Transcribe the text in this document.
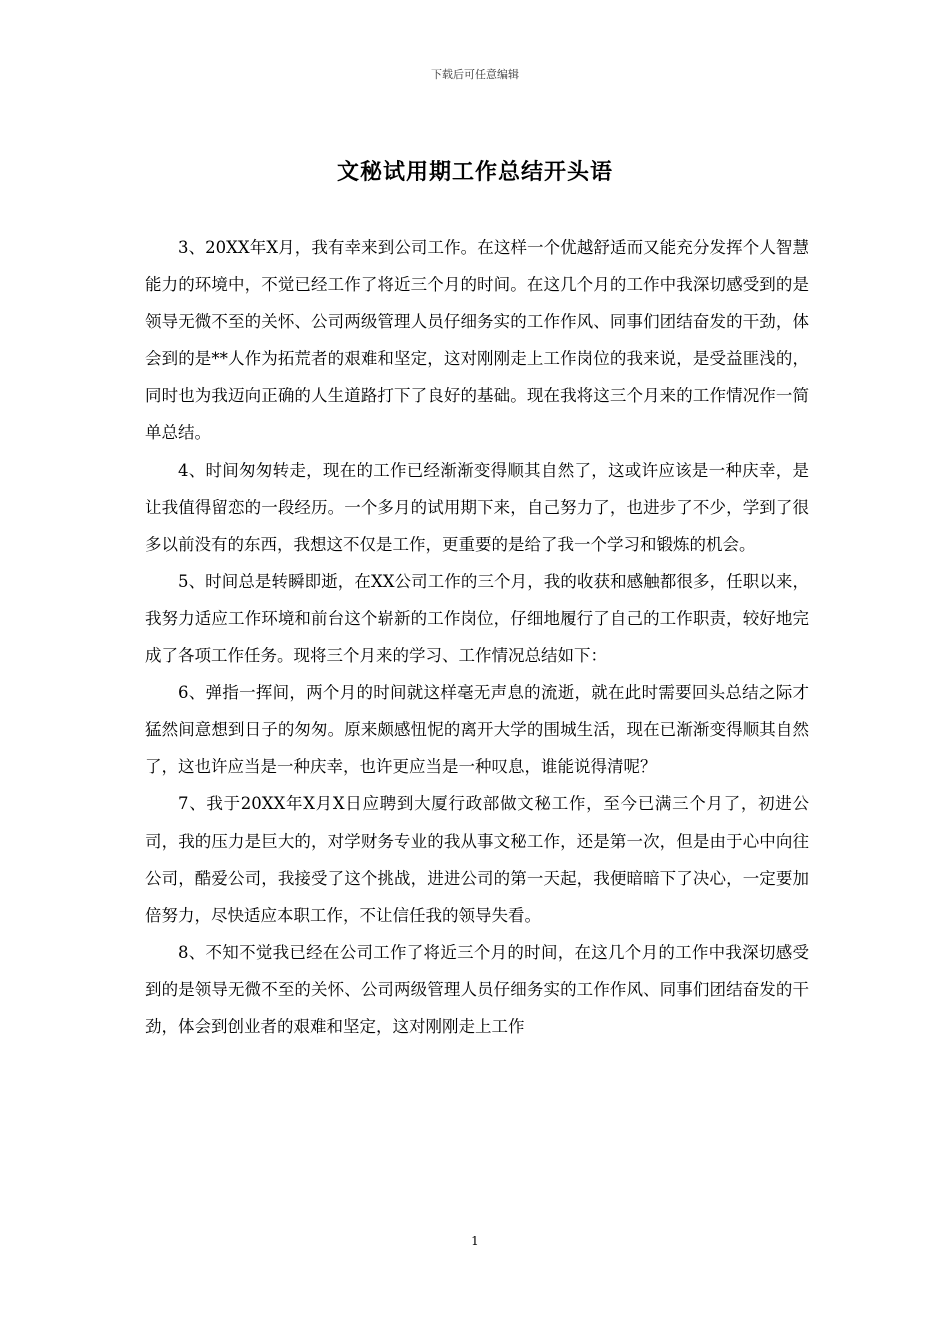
下载后可任意编辑
文秘试用期工作总结开头语

3、20XX年X月，我有幸来到公司工作。在这样一个优越舒适而又能充分发挥个人智慧能力的环境中，不觉已经工作了将近三个月的时间。在这几个月的工作中我深切感受到的是领导无微不至的关怀、公司两级管理人员仔细务实的工作作风、同事们团结奋发的干劲，体会到的是**人作为拓荒者的艰难和坚定，这对刚刚走上工作岗位的我来说，是受益匪浅的，同时也为我迈向正确的人生道路打下了良好的基础。现在我将这三个月来的工作情况作一简单总结。

4、时间匆匆转走，现在的工作已经渐渐变得顺其自然了，这或许应该是一种庆幸，是让我值得留恋的一段经历。一个多月的试用期下来，自己努力了，也进步了不少，学到了很多以前没有的东西，我想这不仅是工作，更重要的是给了我一个学习和锻炼的机会。

5、时间总是转瞬即逝，在XX公司工作的三个月，我的收获和感触都很多，任职以来，我努力适应工作环境和前台这个崭新的工作岗位，仔细地履行了自己的工作职责，较好地完成了各项工作任务。现将三个月来的学习、工作情况总结如下：

6、弹指一挥间，两个月的时间就这样毫无声息的流逝，就在此时需要回头总结之际才猛然间意想到日子的匆匆。原来颇感忸怩的离开大学的围城生活，现在已渐渐变得顺其自然了，这也许应当是一种庆幸，也许更应当是一种叹息，谁能说得清呢？

7、我于20XX年X月X日应聘到大厦行政部做文秘工作，至今已满三个月了，初进公司，我的压力是巨大的，对学财务专业的我从事文秘工作，还是第一次，但是由于心中向往公司，酷爱公司，我接受了这个挑战，进进公司的第一天起，我便暗暗下了决心，一定要加倍努力，尽快适应本职工作，不让信任我的领导失看。

8、不知不觉我已经在公司工作了将近三个月的时间，在这几个月的工作中我深切感受到的是领导无微不至的关怀、公司两级管理人员仔细务实的工作作风、同事们团结奋发的干劲，体会到创业者的艰难和坚定，这对刚刚走上工作

1
